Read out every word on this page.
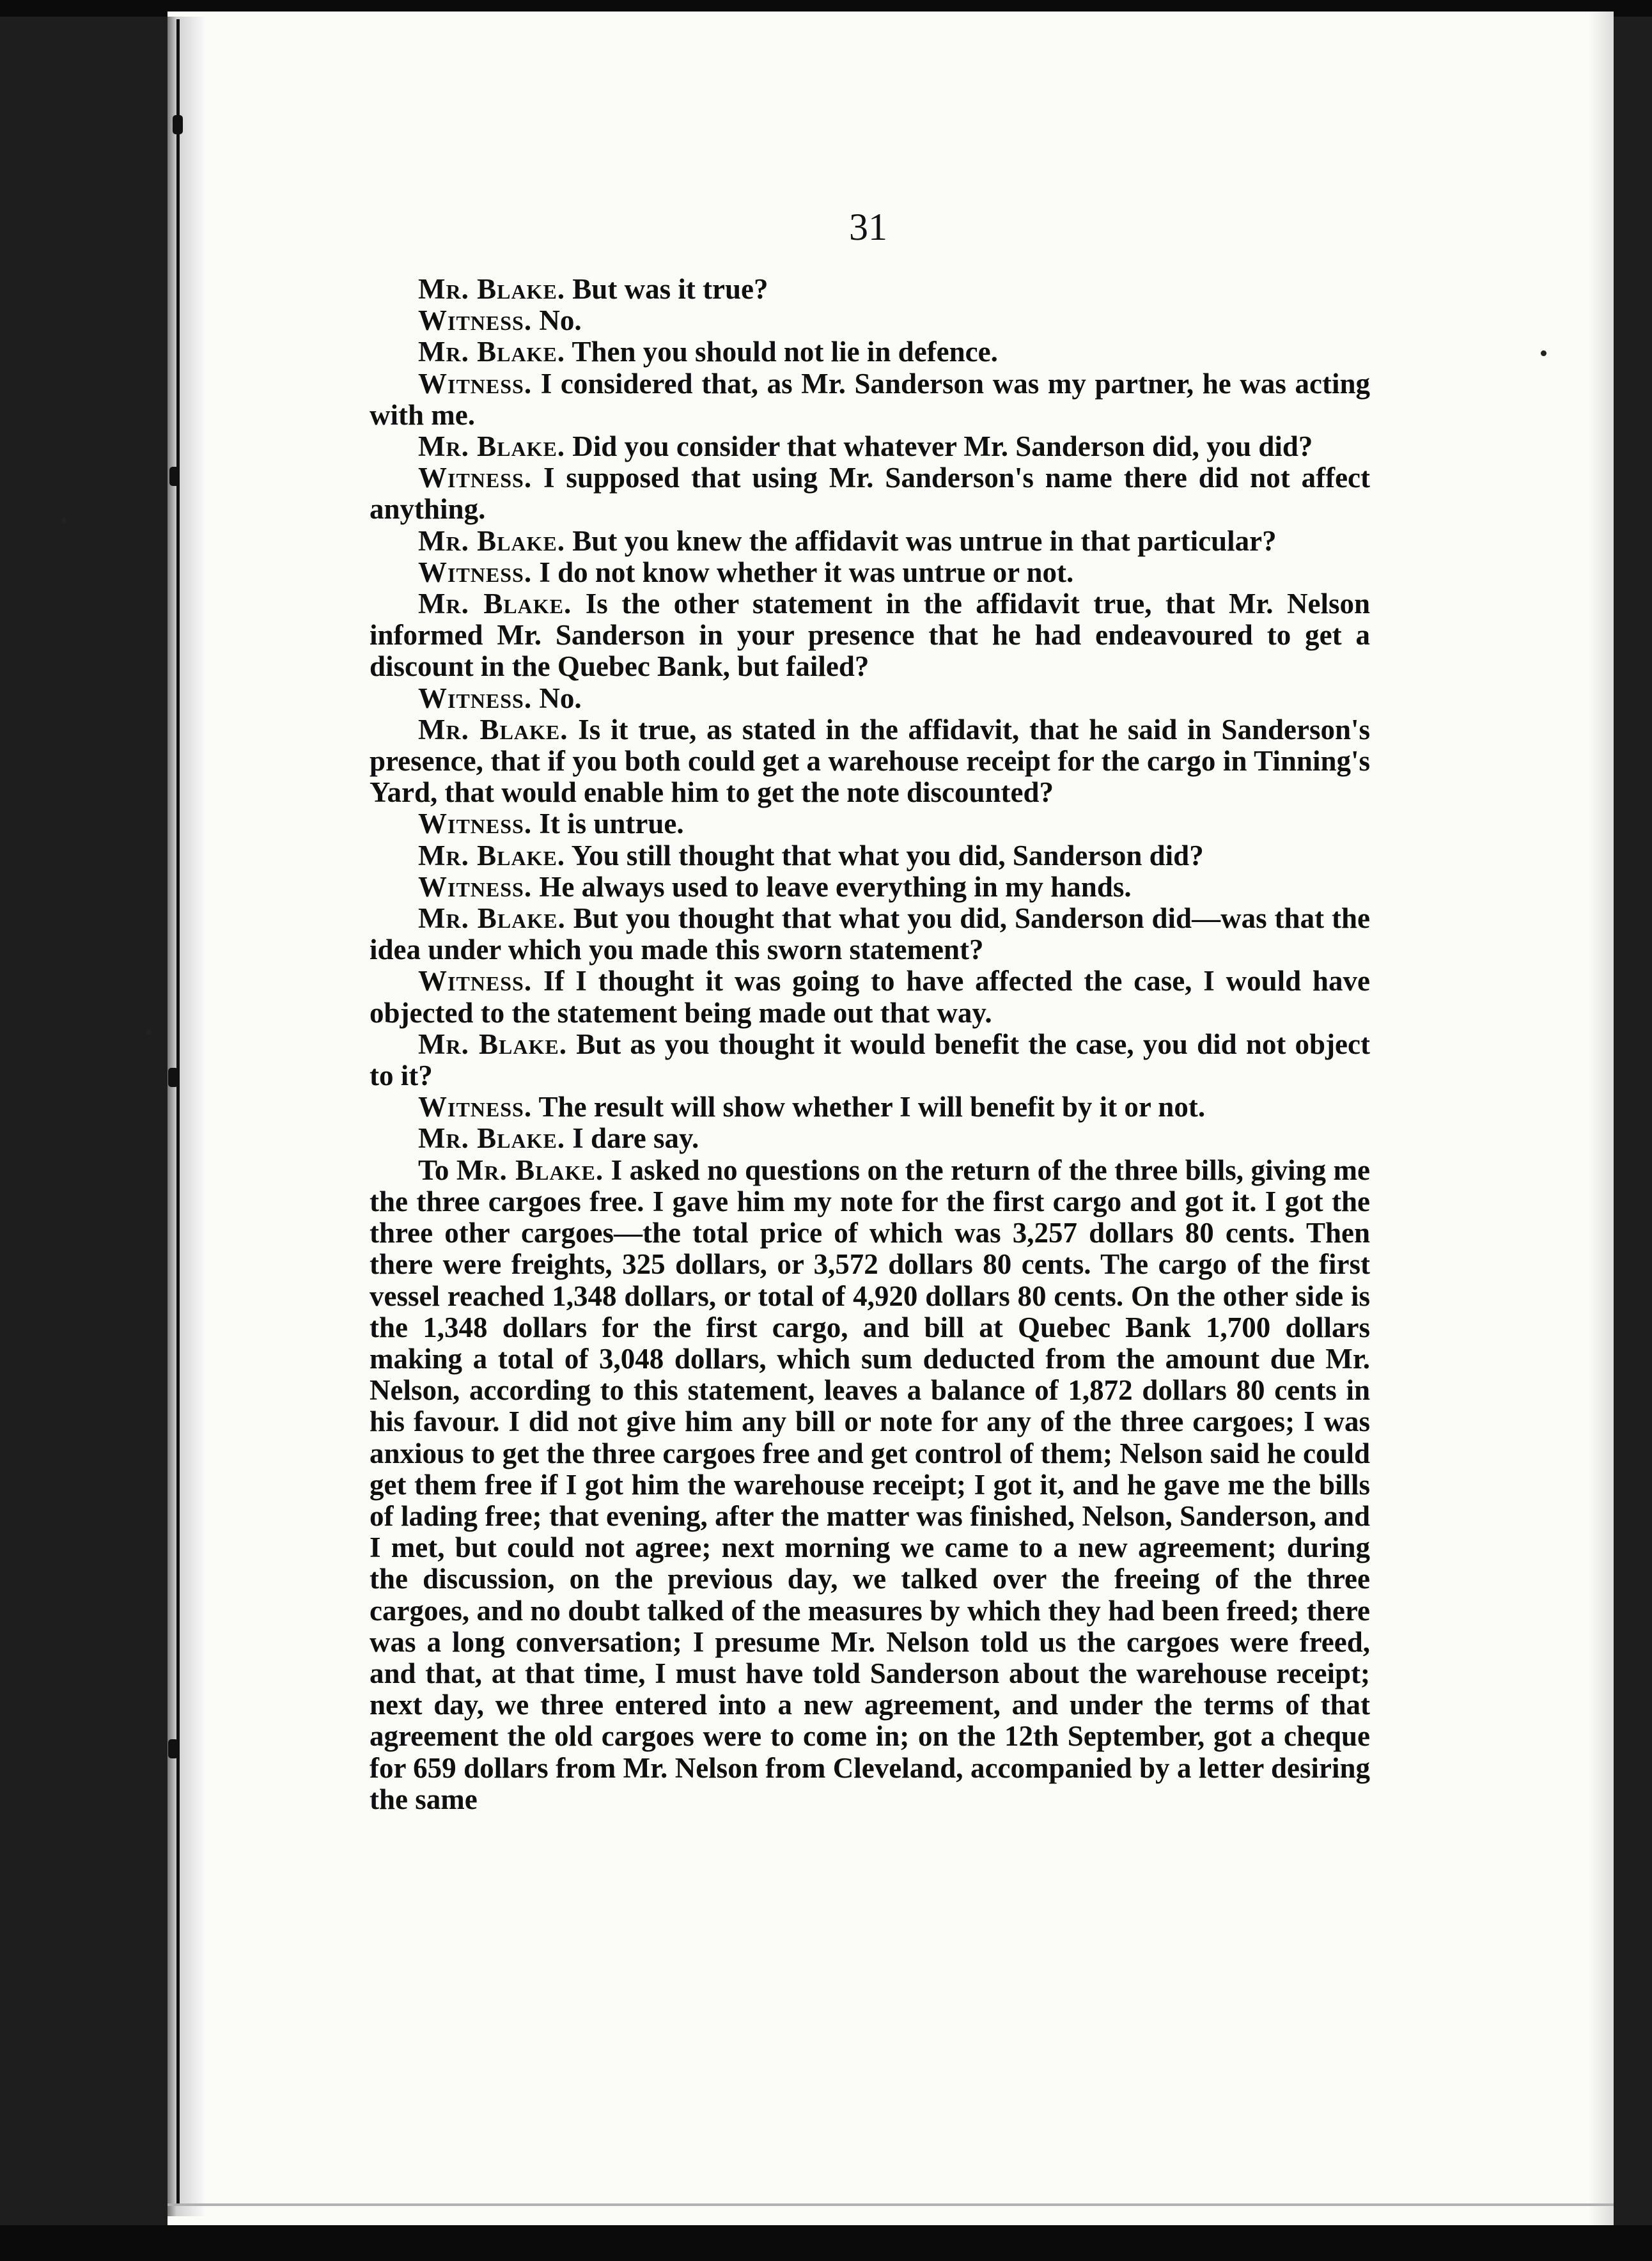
31

Mr. Blake. But was it true?

Witness. No.

Mr. Blake. Then you should not lie in defence.

Witness. I considered that, as Mr. Sanderson was my partner, he was acting with me.

Mr. Blake. Did you consider that whatever Mr. Sanderson did, you did?

Witness. I supposed that using Mr. Sanderson's name there did not affect anything.

Mr. Blake. But you knew the affidavit was untrue in that particular?

Witness. I do not know whether it was untrue or not.

Mr. Blake. Is the other statement in the affidavit true, that Mr. Nelson informed Mr. Sanderson in your presence that he had endeavoured to get a discount in the Quebec Bank, but failed?

Witness. No.

Mr. Blake. Is it true, as stated in the affidavit, that he said in Sanderson's presence, that if you both could get a warehouse receipt for the cargo in Tinning's Yard, that would enable him to get the note discounted?

Witness. It is untrue.

Mr. Blake. You still thought that what you did, Sanderson did?

Witness. He always used to leave everything in my hands.

Mr. Blake. But you thought that what you did, Sanderson did—was that the idea under which you made this sworn statement?

Witness. If I thought it was going to have affected the case, I would have objected to the statement being made out that way.

Mr. Blake. But as you thought it would benefit the case, you did not object to it?

Witness. The result will show whether I will benefit by it or not.

Mr. Blake. I dare say.

To Mr. Blake. I asked no questions on the return of the three bills, giving me the three cargoes free. I gave him my note for the first cargo and got it. I got the three other cargoes—the total price of which was 3,257 dollars 80 cents. Then there were freights, 325 dollars, or 3,572 dollars 80 cents. The cargo of the first vessel reached 1,348 dollars, or total of 4,920 dollars 80 cents. On the other side is the 1,348 dollars for the first cargo, and bill at Quebec Bank 1,700 dollars making a total of 3,048 dollars, which sum deducted from the amount due Mr. Nelson, according to this statement, leaves a balance of 1,872 dollars 80 cents in his favour. I did not give him any bill or note for any of the three cargoes; I was anxious to get the three cargoes free and get control of them; Nelson said he could get them free if I got him the warehouse receipt; I got it, and he gave me the bills of lading free; that evening, after the matter was finished, Nelson, Sanderson, and I met, but could not agree; next morning we came to a new agreement; during the discussion, on the previous day, we talked over the freeing of the three cargoes, and no doubt talked of the measures by which they had been freed; there was a long conversation; I presume Mr. Nelson told us the cargoes were freed, and that, at that time, I must have told Sanderson about the warehouse receipt; next day, we three entered into a new agreement, and under the terms of that agreement the old cargoes were to come in; on the 12th September, got a cheque for 659 dollars from Mr. Nelson from Cleveland, accompanied by a letter desiring the same
